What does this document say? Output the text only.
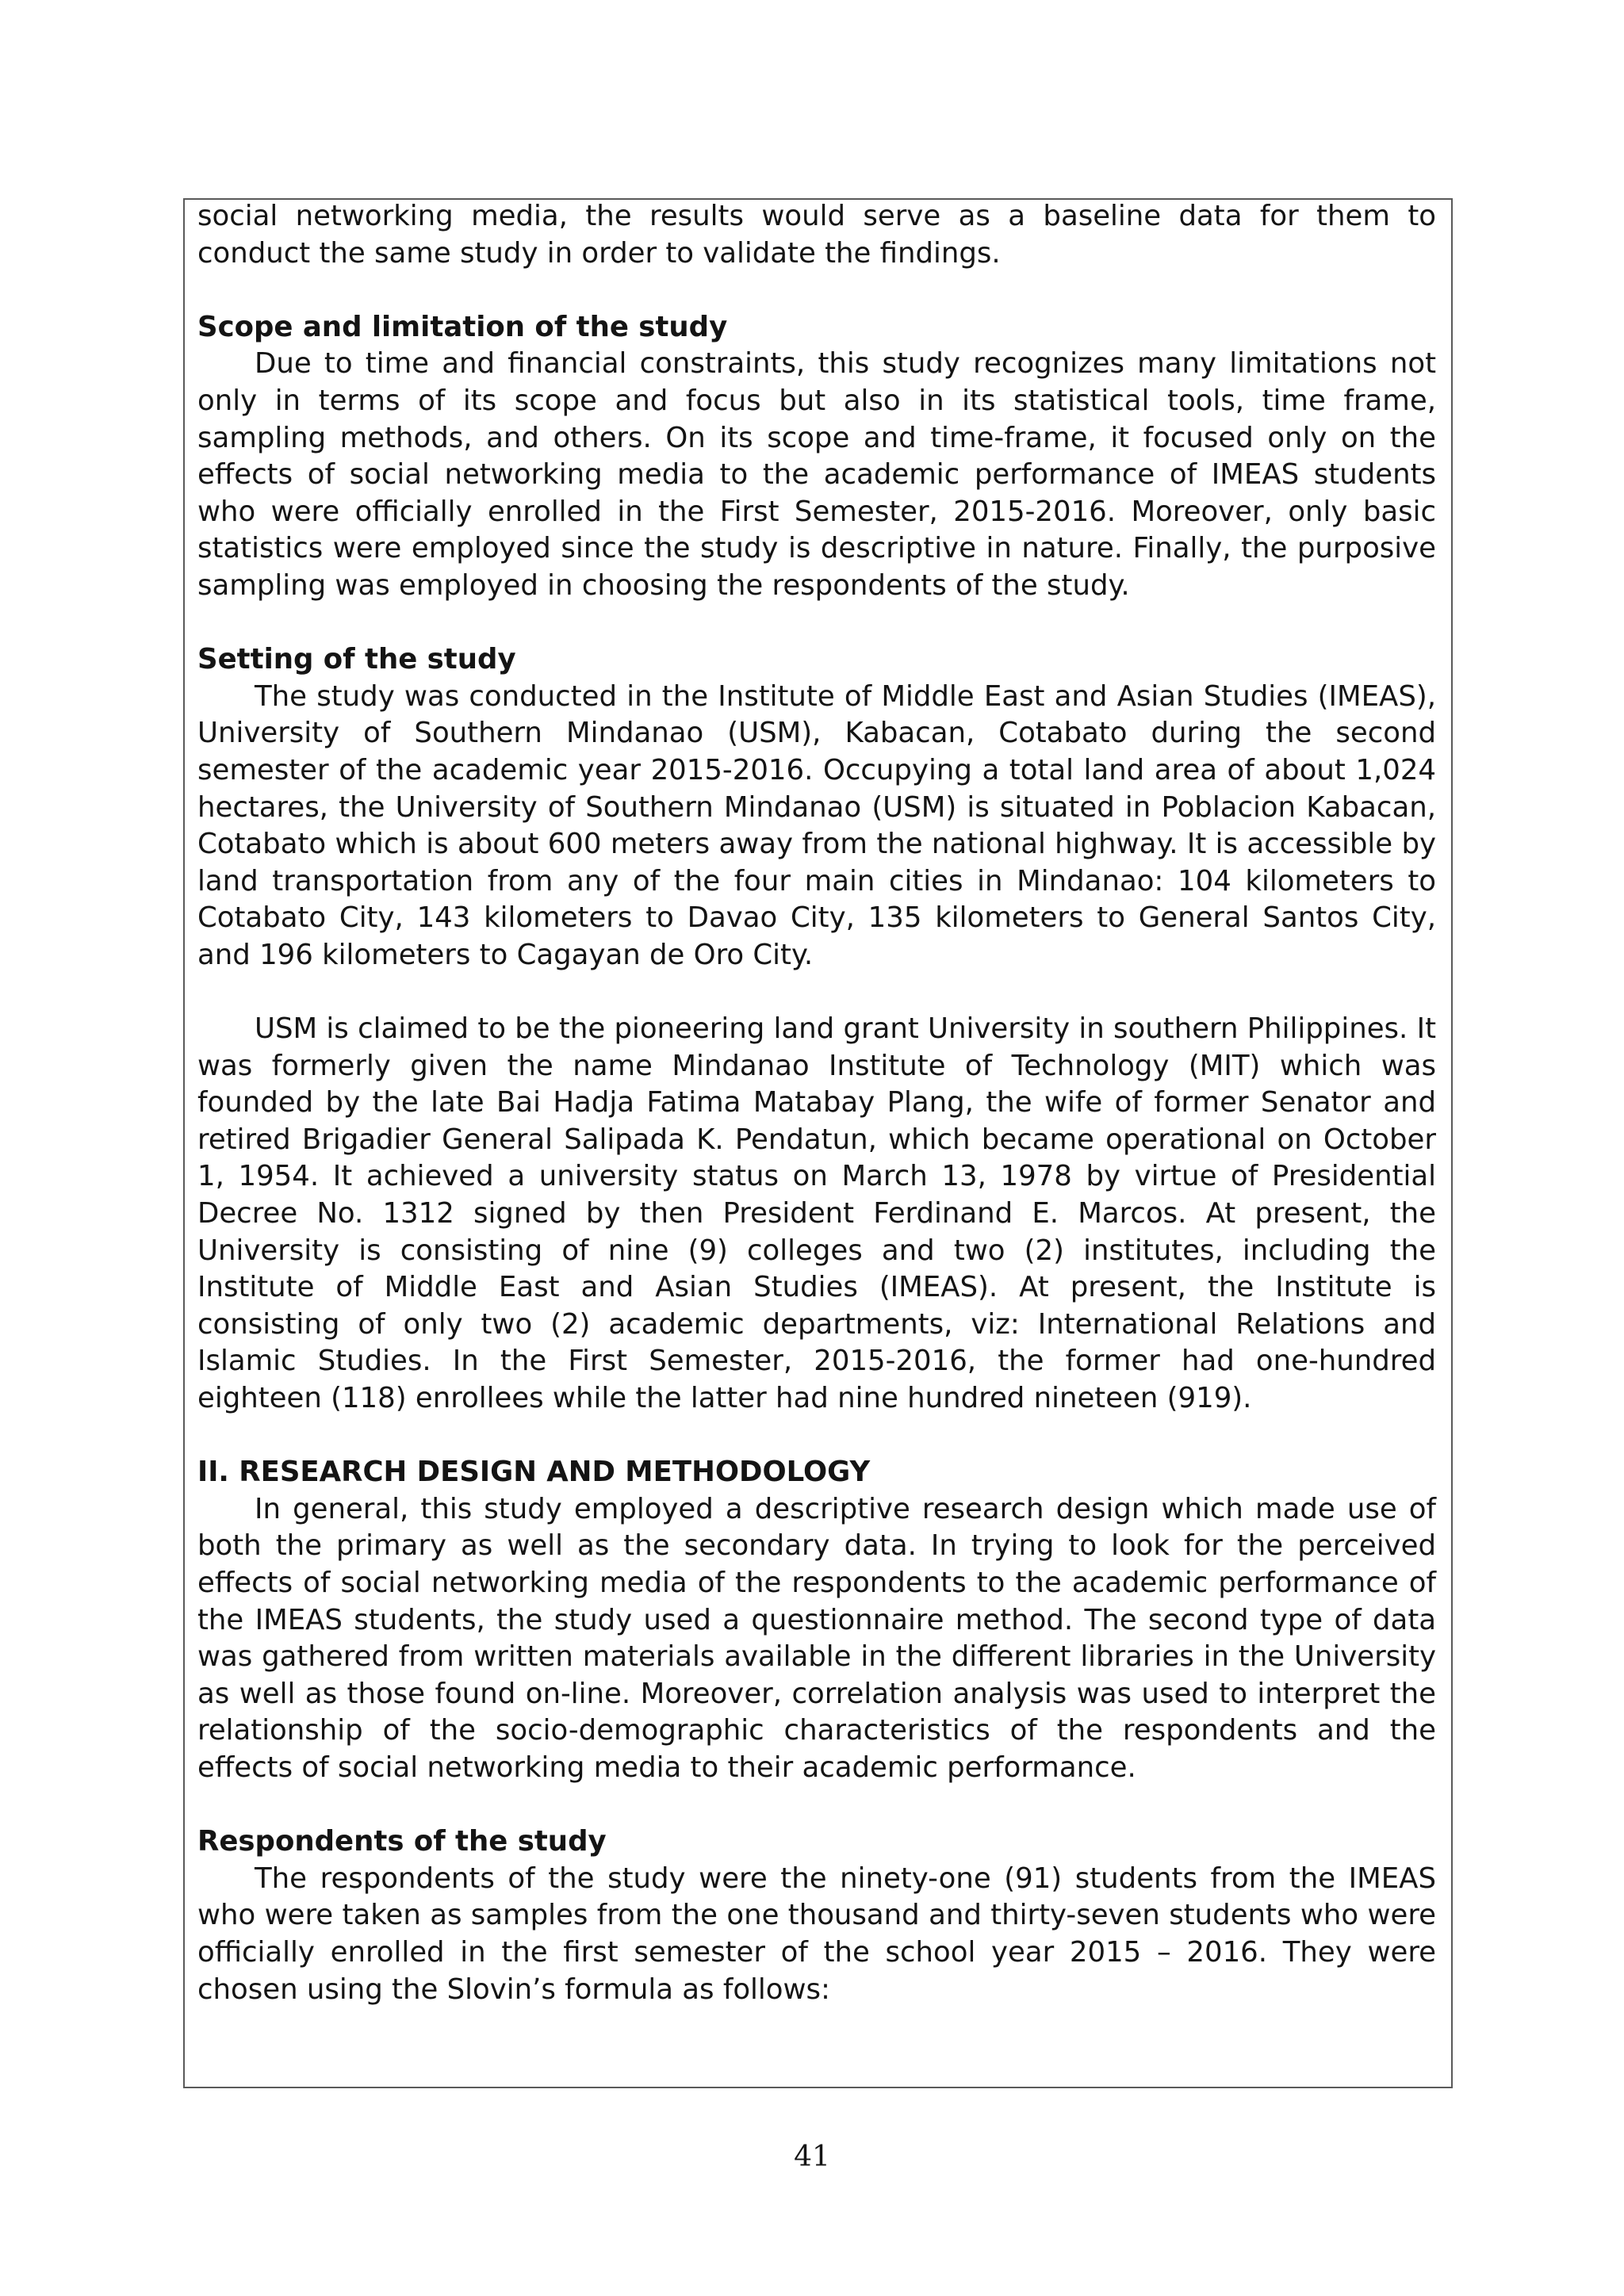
social networking media, the results would serve as a baseline data for them to conduct the same study in order to validate the findings.

Scope and limitation of the study

Due to time and financial constraints, this study recognizes many limitations not only in terms of its scope and focus but also in its statistical tools, time frame, sampling methods, and others. On its scope and time-frame, it focused only on the effects of social networking media to the academic performance of IMEAS students who were officially enrolled in the First Semester, 2015-2016. Moreover, only basic statistics were employed since the study is descriptive in nature. Finally, the purposive sampling was employed in choosing the respondents of the study.

Setting of the study

The study was conducted in the Institute of Middle East and Asian Studies (IMEAS), University of Southern Mindanao (USM), Kabacan, Cotabato during the second semester of the academic year 2015-2016. Occupying a total land area of about 1,024 hectares, the University of Southern Mindanao (USM) is situated in Poblacion Kabacan, Cotabato which is about 600 meters away from the national highway. It is accessible by land transportation from any of the four main cities in Mindanao: 104 kilometers to Cotabato City, 143 kilometers to Davao City, 135 kilometers to General Santos City, and 196 kilometers to Cagayan de Oro City.

USM is claimed to be the pioneering land grant University in southern Philippines. It was formerly given the name Mindanao Institute of Technology (MIT) which was founded by the late Bai Hadja Fatima Matabay Plang, the wife of former Senator and retired Brigadier General Salipada K. Pendatun, which became operational on October 1, 1954. It achieved a university status on March 13, 1978 by virtue of Presidential Decree No. 1312 signed by then President Ferdinand E. Marcos. At present, the University is consisting of nine (9) colleges and two (2) institutes, including the Institute of Middle East and Asian Studies (IMEAS). At present, the Institute is consisting of only two (2) academic departments, viz: International Relations and Islamic Studies. In the First Semester, 2015-2016, the former had one-hundred eighteen (118) enrollees while the latter had nine hundred nineteen (919).

II. RESEARCH DESIGN AND METHODOLOGY

In general, this study employed a descriptive research design which made use of both the primary as well as the secondary data. In trying to look for the perceived effects of social networking media of the respondents to the academic performance of the IMEAS students, the study used a questionnaire method. The second type of data was gathered from written materials available in the different libraries in the University as well as those found on-line. Moreover, correlation analysis was used to interpret the relationship of the socio-demographic characteristics of the respondents and the effects of social networking media to their academic performance.

Respondents of the study

The respondents of the study were the ninety-one (91) students from the IMEAS who were taken as samples from the one thousand and thirty-seven students who were officially enrolled in the first semester of the school year 2015 – 2016. They were chosen using the Slovin’s formula as follows:

41
